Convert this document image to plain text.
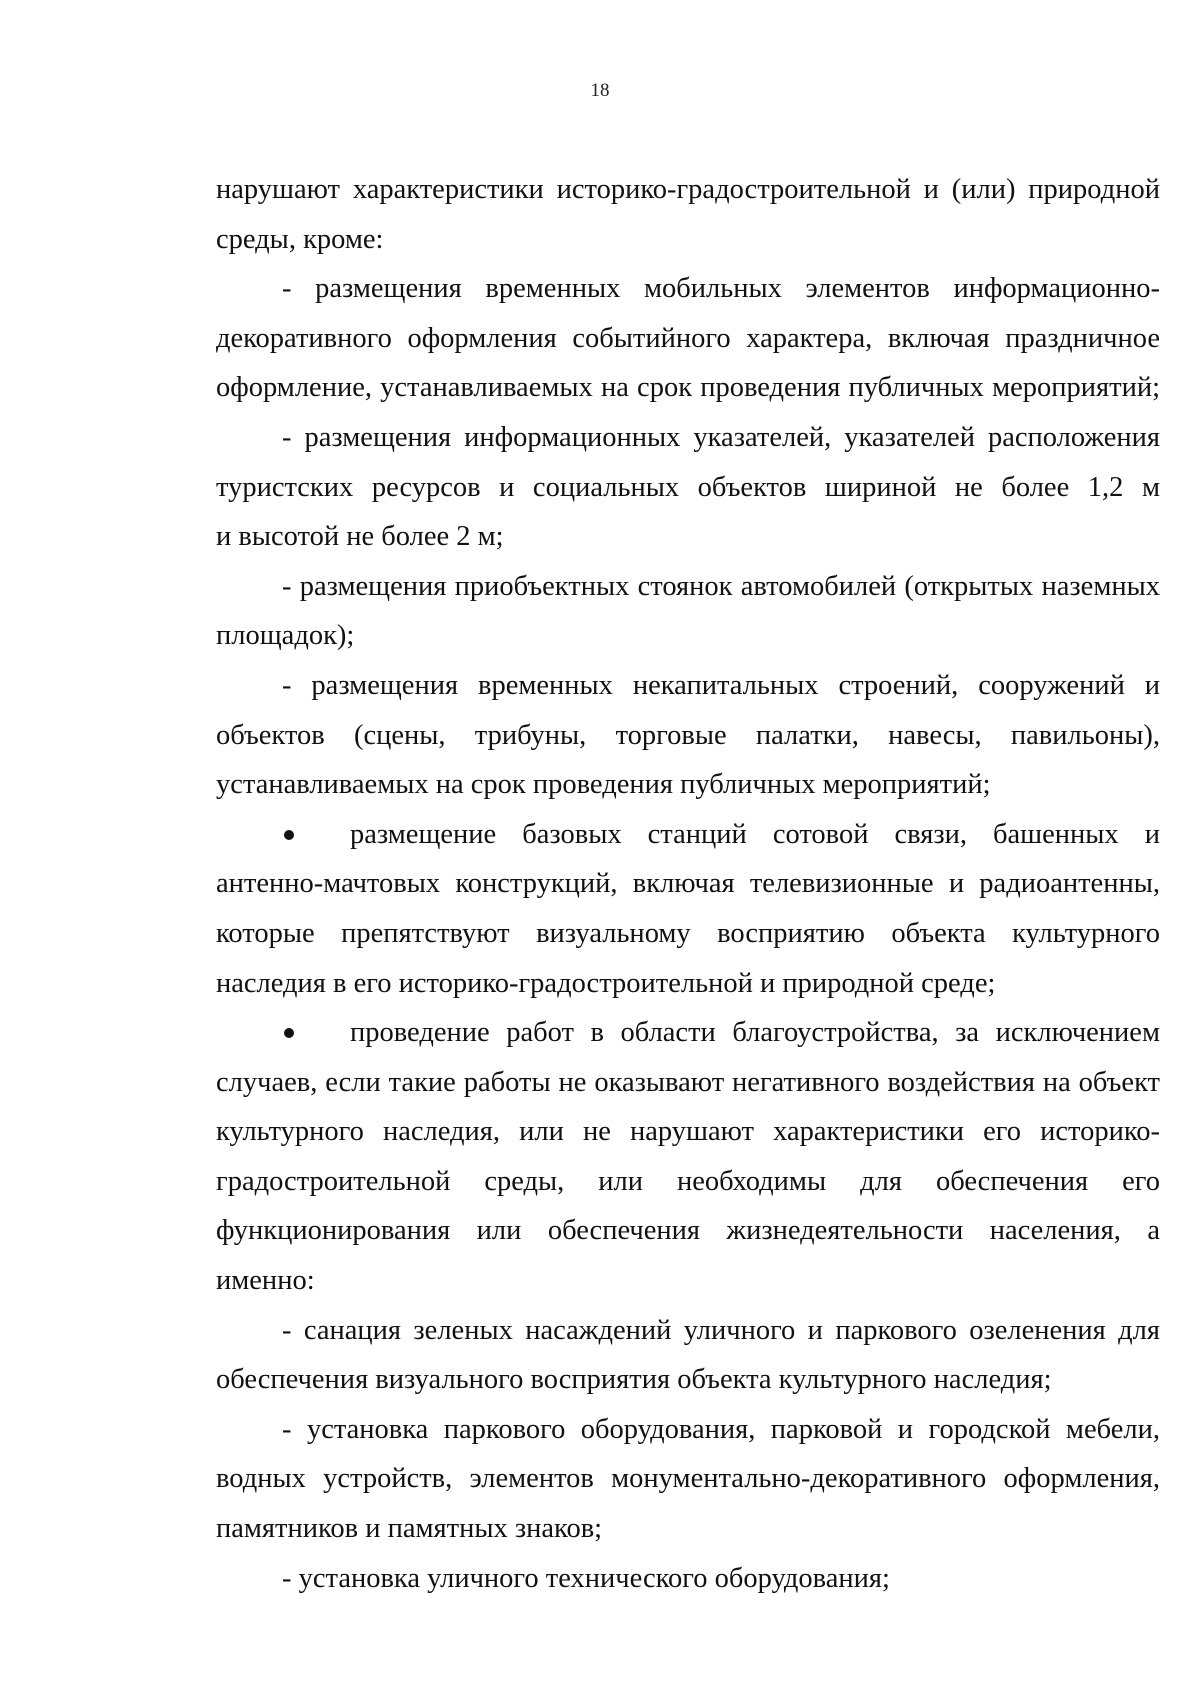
18

нарушают характеристики историко-градостроительной и (или) природной
среды, кроме:

- размещения временных мобильных элементов информационно-
декоративного оформления событийного характера, включая праздничное
оформление, устанавливаемых на срок проведения публичных мероприятий;

- размещения информационных указателей, указателей расположения
туристских ресурсов и социальных объектов шириной не более 1,2 м
и высотой не более 2 м;

- размещения приобъектных стоянок автомобилей (открытых наземных
площадок);

- размещения временных некапитальных строений, сооружений и
объектов (сцены, трибуны, торговые палатки, навесы, павильоны),
устанавливаемых на срок проведения публичных мероприятий;

размещение базовых станций сотовой связи, башенных и
антенно-мачтовых конструкций, включая телевизионные и радиоантенны,
которые препятствуют визуальному восприятию объекта культурного
наследия в его историко-градостроительной и природной среде;
проведение работ в области благоустройства, за исключением
случаев, если такие работы не оказывают негативного воздействия на объект
культурного наследия, или не нарушают характеристики его историко-
градостроительной среды, или необходимы для обеспечения его
функционирования или обеспечения жизнедеятельности населения, а
именно:

- санация зеленых насаждений уличного и паркового озеленения для
обеспечения визуального восприятия объекта культурного наследия;

- установка паркового оборудования, парковой и городской мебели,
водных устройств, элементов монументально-декоративного оформления,
памятников и памятных знаков;

- установка уличного технического оборудования;
